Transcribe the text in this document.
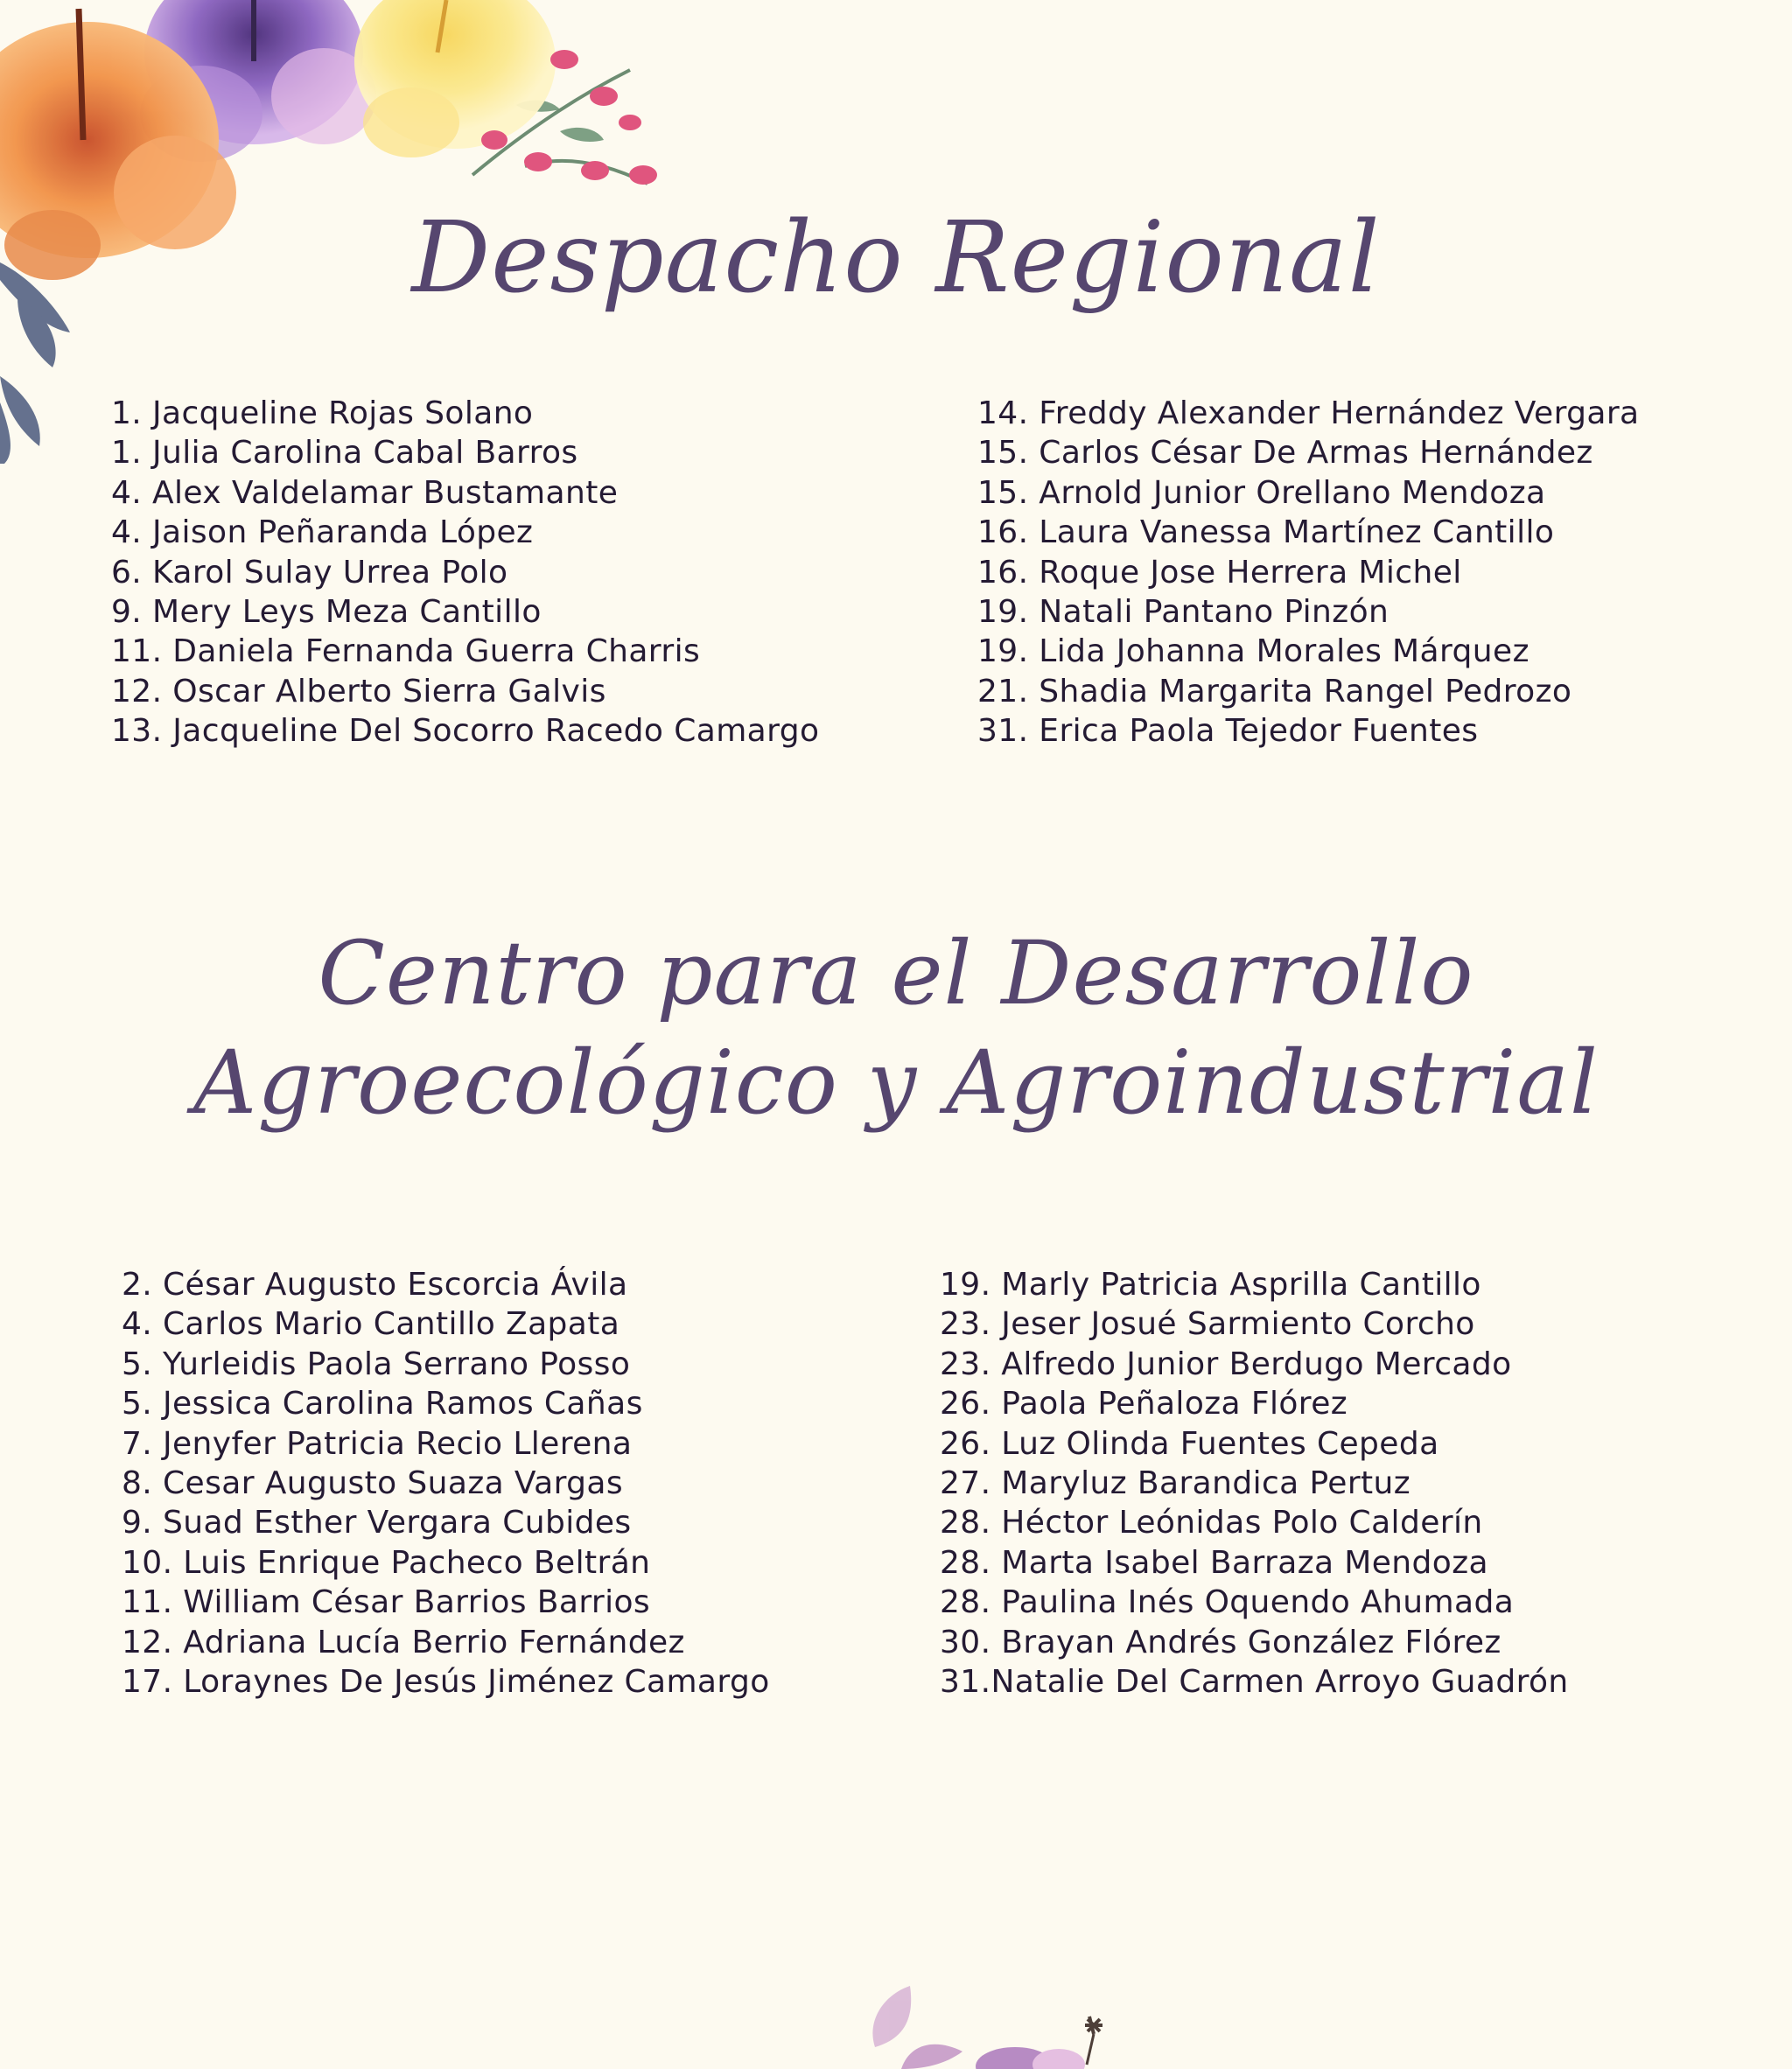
Despacho Regional
1. Jacqueline Rojas Solano
1. Julia Carolina Cabal Barros
4. Alex Valdelamar Bustamante
4. Jaison Peñaranda López
6. Karol Sulay Urrea Polo
9. Mery Leys Meza Cantillo
11. Daniela Fernanda Guerra Charris
12. Oscar Alberto Sierra Galvis
13. Jacqueline Del Socorro Racedo Camargo
14. Freddy Alexander Hernández Vergara
15. Carlos César De Armas Hernández
15. Arnold Junior Orellano Mendoza
16. Laura Vanessa Martínez Cantillo
16. Roque Jose Herrera Michel
19. Natali Pantano Pinzón
19. Lida Johanna Morales Márquez
21. Shadia Margarita Rangel Pedrozo
31. Erica Paola Tejedor Fuentes
Centro para el Desarrollo
Agroecológico y Agroindustrial
2. César Augusto Escorcia Ávila
4. Carlos Mario Cantillo Zapata
5. Yurleidis Paola Serrano Posso
5. Jessica Carolina Ramos Cañas
7. Jenyfer Patricia Recio Llerena
8. Cesar Augusto Suaza Vargas
9. Suad Esther Vergara Cubides
10. Luis Enrique Pacheco Beltrán
11. William César Barrios Barrios
12. Adriana Lucía Berrio Fernández
17. Loraynes De Jesús Jiménez Camargo
19. Marly Patricia Asprilla Cantillo
23. Jeser Josué Sarmiento Corcho
23. Alfredo Junior Berdugo Mercado
26. Paola Peñaloza Flórez
26. Luz Olinda Fuentes Cepeda
27. Maryluz Barandica Pertuz
28. Héctor Leónidas Polo Calderín
28. Marta Isabel Barraza Mendoza
28. Paulina Inés Oquendo Ahumada
30. Brayan Andrés González Flórez
31.Natalie Del Carmen Arroyo Guadrón
